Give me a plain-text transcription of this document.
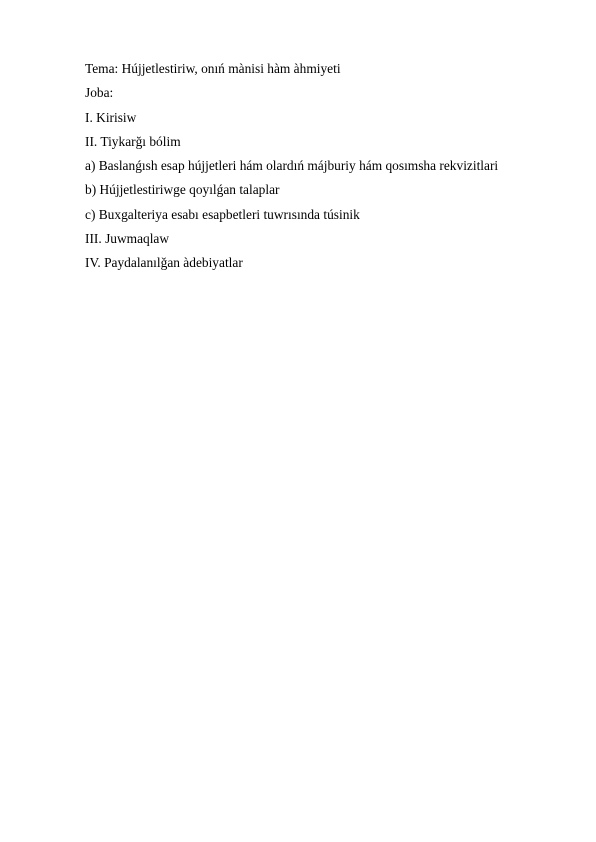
Tema: Hújjetlestiriw, onıń mànisi hàm àhmiyeti

Joba:

I. Kirisiw

II. Tiykarğı bólim

a) Baslanǵısh esap hújjetleri hám olardıń májburiy hám qosımsha rekvizitlari

b) Hújjetlestiriwge qoyılǵan talaplar

c) Buxgalteriya esabı esapbetleri tuwrısında túsinik

III. Juwmaqlaw

IV. Paydalanılǧan àdebiyatlar
